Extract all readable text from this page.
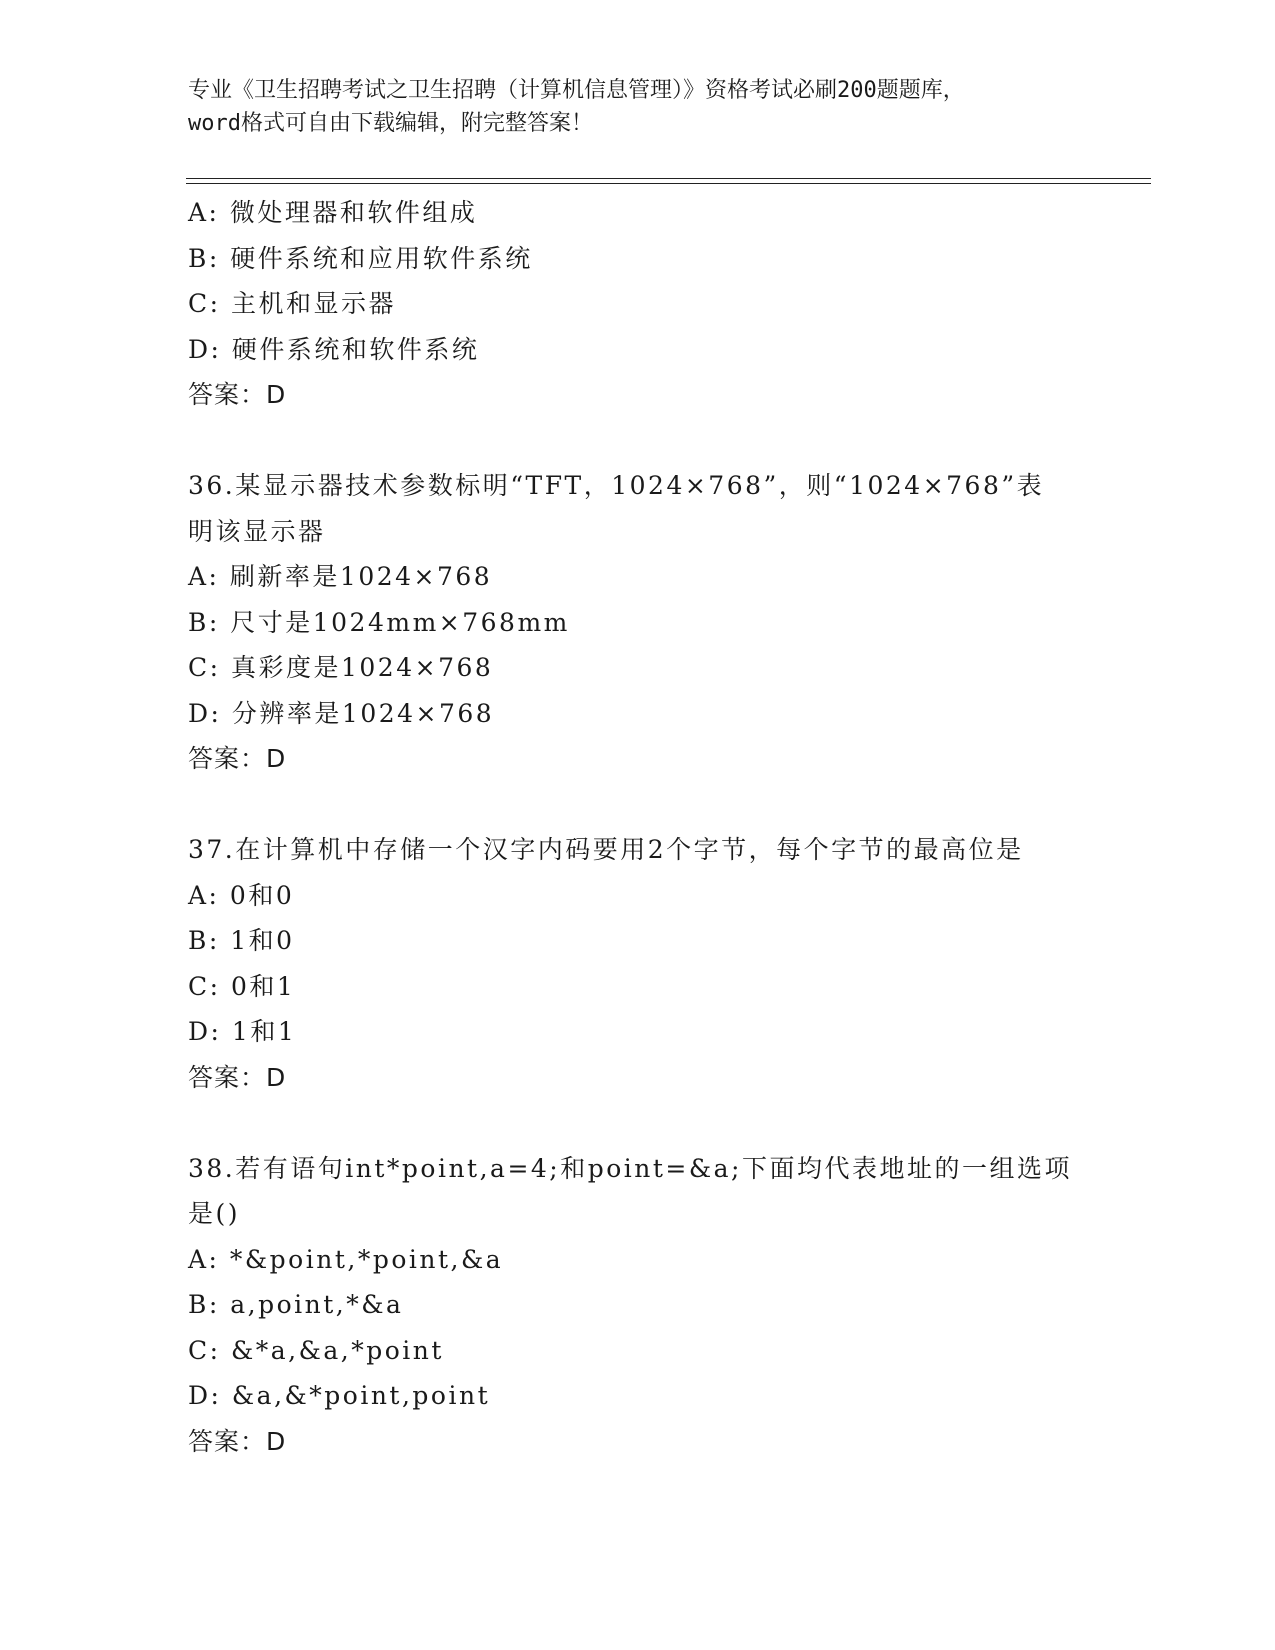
专业《卫生招聘考试之卫生招聘（计算机信息管理）》资格考试必刷200题题库，
word格式可自由下载编辑，附完整答案！
A: 微处理器和软件组成
B: 硬件系统和应用软件系统
C: 主机和显示器
D: 硬件系统和软件系统
答案：D
36.某显示器技术参数标明“TFT，1024×768”，则“1024×768”表
明该显示器
A: 刷新率是1024×768
B: 尺寸是1024mm×768mm
C: 真彩度是1024×768
D: 分辨率是1024×768
答案：D
37.在计算机中存储一个汉字内码要用2个字节，每个字节的最高位是
A: 0和0
B: 1和0
C: 0和1
D: 1和1
答案：D
38.若有语句int*point,a=4;和point=&a;下面均代表地址的一组选项
是()
A: *&point,*point,&a
B: a,point,*&a
C: &*a,&a,*point
D: &a,&*point,point
答案：D
